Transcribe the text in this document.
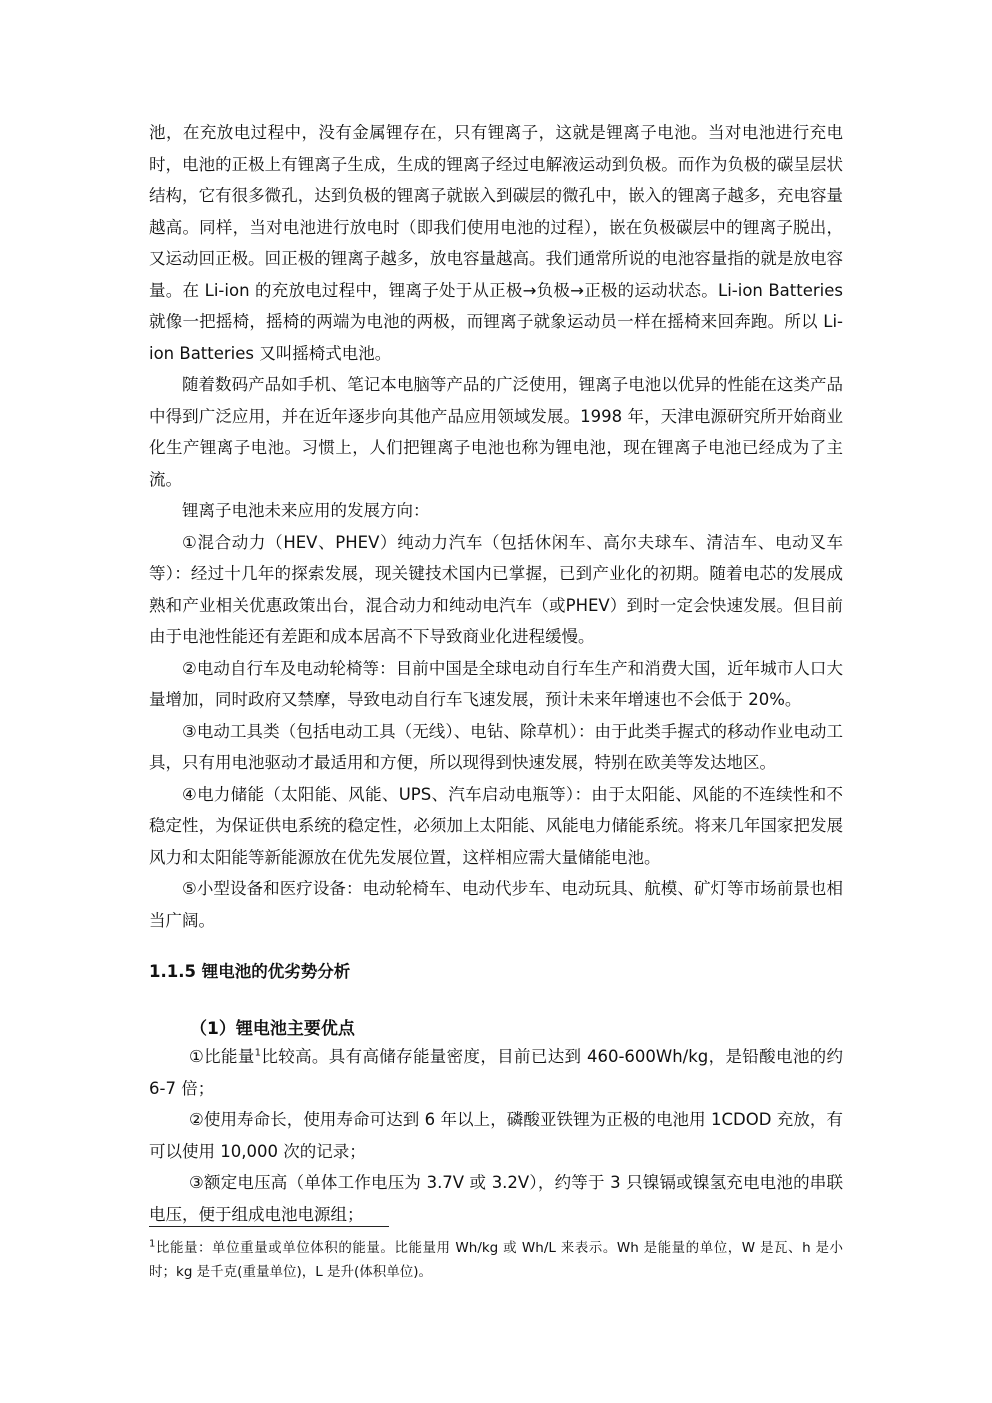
池，在充放电过程中，没有金属锂存在，只有锂离子，这就是锂离子电池。当对电池进行充电时，电池的正极上有锂离子生成，生成的锂离子经过电解液运动到负极。而作为负极的碳呈层状结构，它有很多微孔，达到负极的锂离子就嵌入到碳层的微孔中，嵌入的锂离子越多，充电容量越高。同样，当对电池进行放电时（即我们使用电池的过程），嵌在负极碳层中的锂离子脱出， 又运动回正极。回正极的锂离子越多，放电容量越高。我们通常所说的电池容量指的就是放电容量。在 Li-ion 的充放电过程中，锂离子处于从正极→负极→正极的运动状态。Li-ion Batteries 就像一把摇椅，摇椅的两端为电池的两极，而锂离子就象运动员一样在摇椅来回奔跑。所以 Li-ion Batteries 又叫摇椅式电池。

随着数码产品如手机、笔记本电脑等产品的广泛使用，锂离子电池以优异的性能在这类产品中得到广泛应用，并在近年逐步向其他产品应用领域发展。1998 年，天津电源研究所开始商业化生产锂离子电池。习惯上，人们把锂离子电池也称为锂电池，现在锂离子电池已经成为了主流。

锂离子电池未来应用的发展方向：

①混合动力（HEV、PHEV）纯动力汽车（包括休闲车、高尔夫球车、清洁车、电动叉车等）：经过十几年的探索发展，现关键技术国内已掌握，已到产业化的初期。随着电芯的发展成熟和产业相关优惠政策出台，混合动力和纯动电汽车（或PHEV）到时一定会快速发展。但目前由于电池性能还有差距和成本居高不下导致商业化进程缓慢。

②电动自行车及电动轮椅等：目前中国是全球电动自行车生产和消费大国，近年城市人口大量增加，同时政府又禁摩，导致电动自行车飞速发展，预计未来年增速也不会低于 20%。

③电动工具类（包括电动工具（无线）、电钻、除草机）：由于此类手握式的移动作业电动工具，只有用电池驱动才最适用和方便，所以现得到快速发展，特别在欧美等发达地区。

④电力储能（太阳能、风能、UPS、汽车启动电瓶等）：由于太阳能、风能的不连续性和不稳定性，为保证供电系统的稳定性，必须加上太阳能、风能电力储能系统。将来几年国家把发展风力和太阳能等新能源放在优先发展位置，这样相应需大量储能电池。

⑤小型设备和医疗设备：电动轮椅车、电动代步车、电动玩具、航模、矿灯等市场前景也相当广阔。

1.1.5 锂电池的优劣势分析
（1）锂电池主要优点

①比能量$^1$比较高。具有高储存能量密度，目前已达到 460-600Wh/kg，是铅酸电池的约 6-7 倍；

②使用寿命长，使用寿命可达到 6 年以上，磷酸亚铁锂为正极的电池用 1CDOD 充放，有可以使用 10,000 次的记录；

③额定电压高（单体工作电压为 3.7V 或 3.2V），约等于 3 只镍镉或镍氢充电电池的串联电压，便于组成电池电源组；

$^1$比能量：单位重量或单位体积的能量。比能量用 Wh/kg 或 Wh/L 来表示。Wh 是能量的单位，W 是瓦、h 是小时；kg 是千克(重量单位)，L 是升(体积单位)。
